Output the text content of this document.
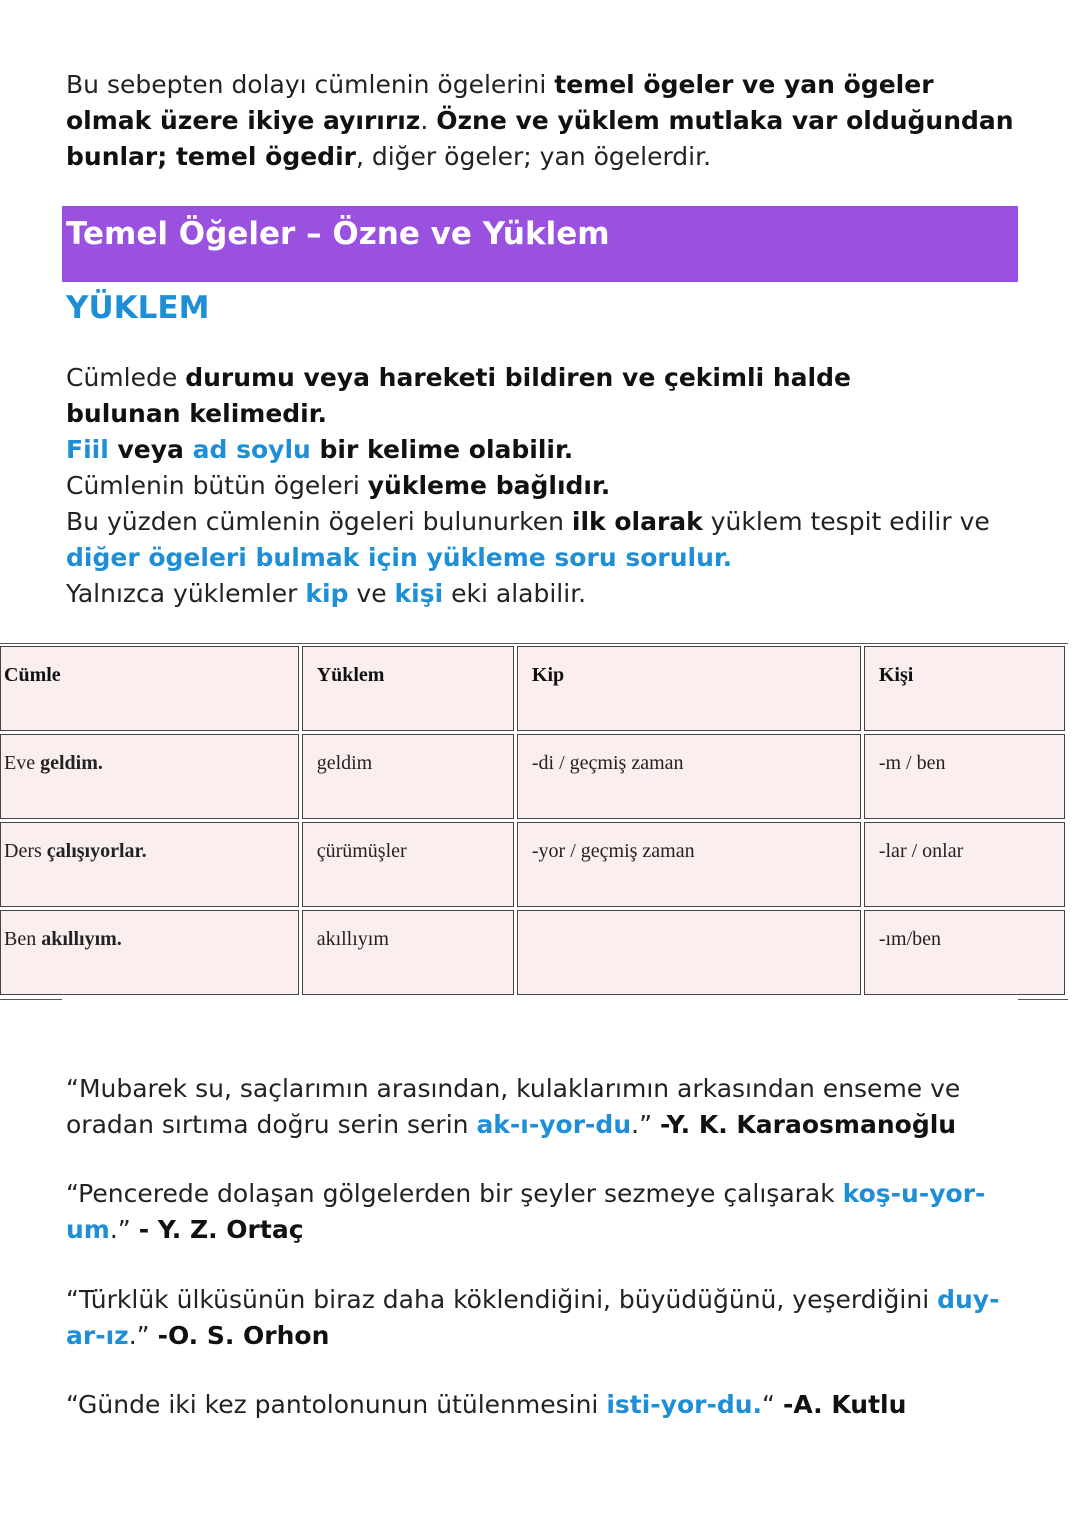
Bu sebepten dolayı cümlenin ögelerini temel ögeler ve yan ögeler olmak üzere ikiye ayırırız. Özne ve yüklem mutlaka var olduğundan bunlar; temel ögedir, diğer ögeler; yan ögelerdir.
Temel Öğeler – Özne ve Yüklem
YÜKLEM
Cümlede durumu veya hareketi bildiren ve çekimli halde
bulunan kelimedir.
Fiil veya ad soylu bir kelime olabilir.
Cümlenin bütün ögeleri yükleme bağlıdır.
Bu yüzden cümlenin ögeleri bulunurken ilk olarak yüklem tespit edilir ve diğer ögeleri bulmak için yükleme soru sorulur.
Yalnızca yüklemler kip ve kişi eki alabilir.
Cümle	Yüklem	Kip	Kişi
Eve geldim.	geldim	-di / geçmiş zaman	-m / ben
Ders çalışıyorlar.	çürümüşler	-yor / geçmiş zaman	-lar / onlar
Ben akıllıyım.	akıllıyım		-ım/ben
“Mubarek su, saçlarımın arasından, kulaklarımın arkasından enseme ve oradan sırtıma doğru serin serin ak-ı-yor-du.” -Y. K. Karaosmanoğlu
“Pencerede dolaşan gölgelerden bir şeyler sezmeye çalışarak koş-u-yor-um.” - Y. Z. Ortaç
“Türklük ülküsünün biraz daha köklendiğini, büyüdüğünü, yeşerdiğini duy-ar-ız.” -O. S. Orhon
“Günde iki kez pantolonunun ütülenmesini isti-yor-du.“ -A. Kutlu
